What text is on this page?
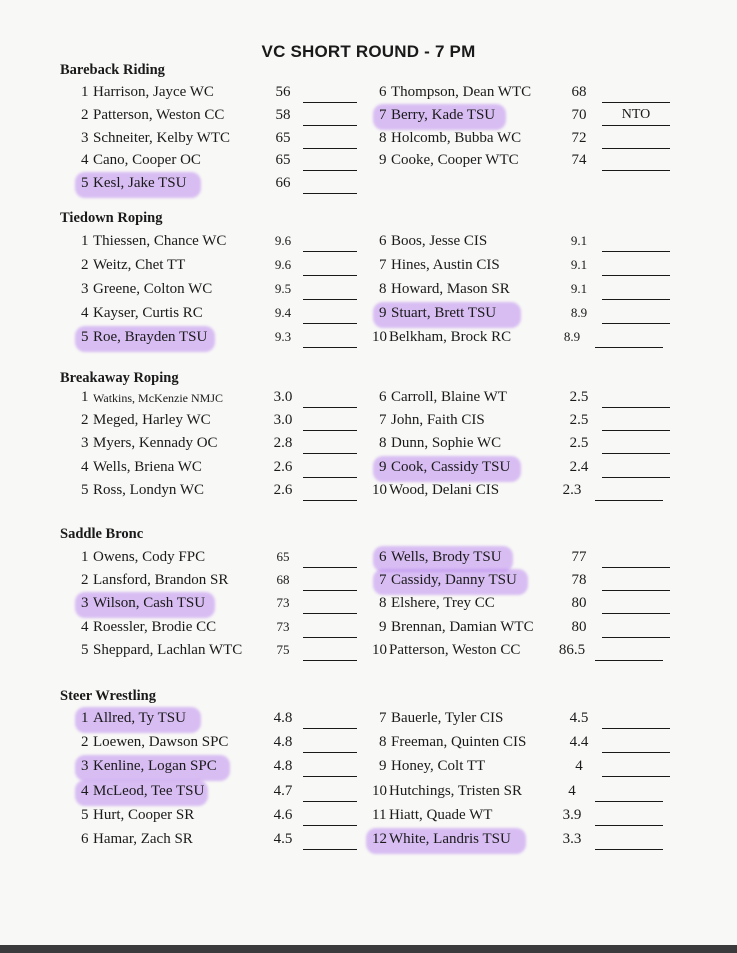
VC SHORT ROUND - 7 PM
Bareback Riding
1 Harrison, Jayce WC	56
2 Patterson, Weston CC	58
3 Schneiter, Kelby WTC	65
4 Cano, Cooper OC	65
5 Kesl, Jake TSU	66
6 Thompson, Dean WTC	68
7 Berry, Kade TSU	70	NTO
8 Holcomb, Bubba WC	72
9 Cooke, Cooper WTC	74
Tiedown Roping
1 Thiessen, Chance WC	9.6
2 Weitz, Chet TT	9.6
3 Greene, Colton WC	9.5
4 Kayser, Curtis RC	9.4
5 Roe, Brayden TSU	9.3
6 Boos, Jesse CIS	9.1
7 Hines, Austin CIS	9.1
8 Howard, Mason SR	9.1
9 Stuart, Brett TSU	8.9
10 Belkham, Brock RC	8.9
Breakaway Roping
1 Watkins, McKenzie NMJC	3.0
2 Meged, Harley WC	3.0
3 Myers, Kennady OC	2.8
4 Wells, Briena WC	2.6
5 Ross, Londyn WC	2.6
6 Carroll, Blaine WT	2.5
7 John, Faith CIS	2.5
8 Dunn, Sophie WC	2.5
9 Cook, Cassidy TSU	2.4
10 Wood, Delani CIS	2.3
Saddle Bronc
1 Owens, Cody FPC	65
2 Lansford, Brandon SR	68
3 Wilson, Cash TSU	73
4 Roessler, Brodie CC	73
5 Sheppard, Lachlan WTC	75
6 Wells, Brody TSU	77
7 Cassidy, Danny TSU	78
8 Elshere, Trey CC	80
9 Brennan, Damian WTC	80
10 Patterson, Weston CC	86.5
Steer Wrestling
1 Allred, Ty TSU	4.8
2 Loewen, Dawson SPC	4.8
3 Kenline, Logan SPC	4.8
4 McLeod, Tee TSU	4.7
5 Hurt, Cooper SR	4.6
6 Hamar, Zach SR	4.5
7 Bauerle, Tyler CIS	4.5
8 Freeman, Quinten CIS	4.4
9 Honey, Colt TT	4
10 Hutchings, Tristen SR	4
11 Hiatt, Quade WT	3.9
12 White, Landris TSU	3.3
